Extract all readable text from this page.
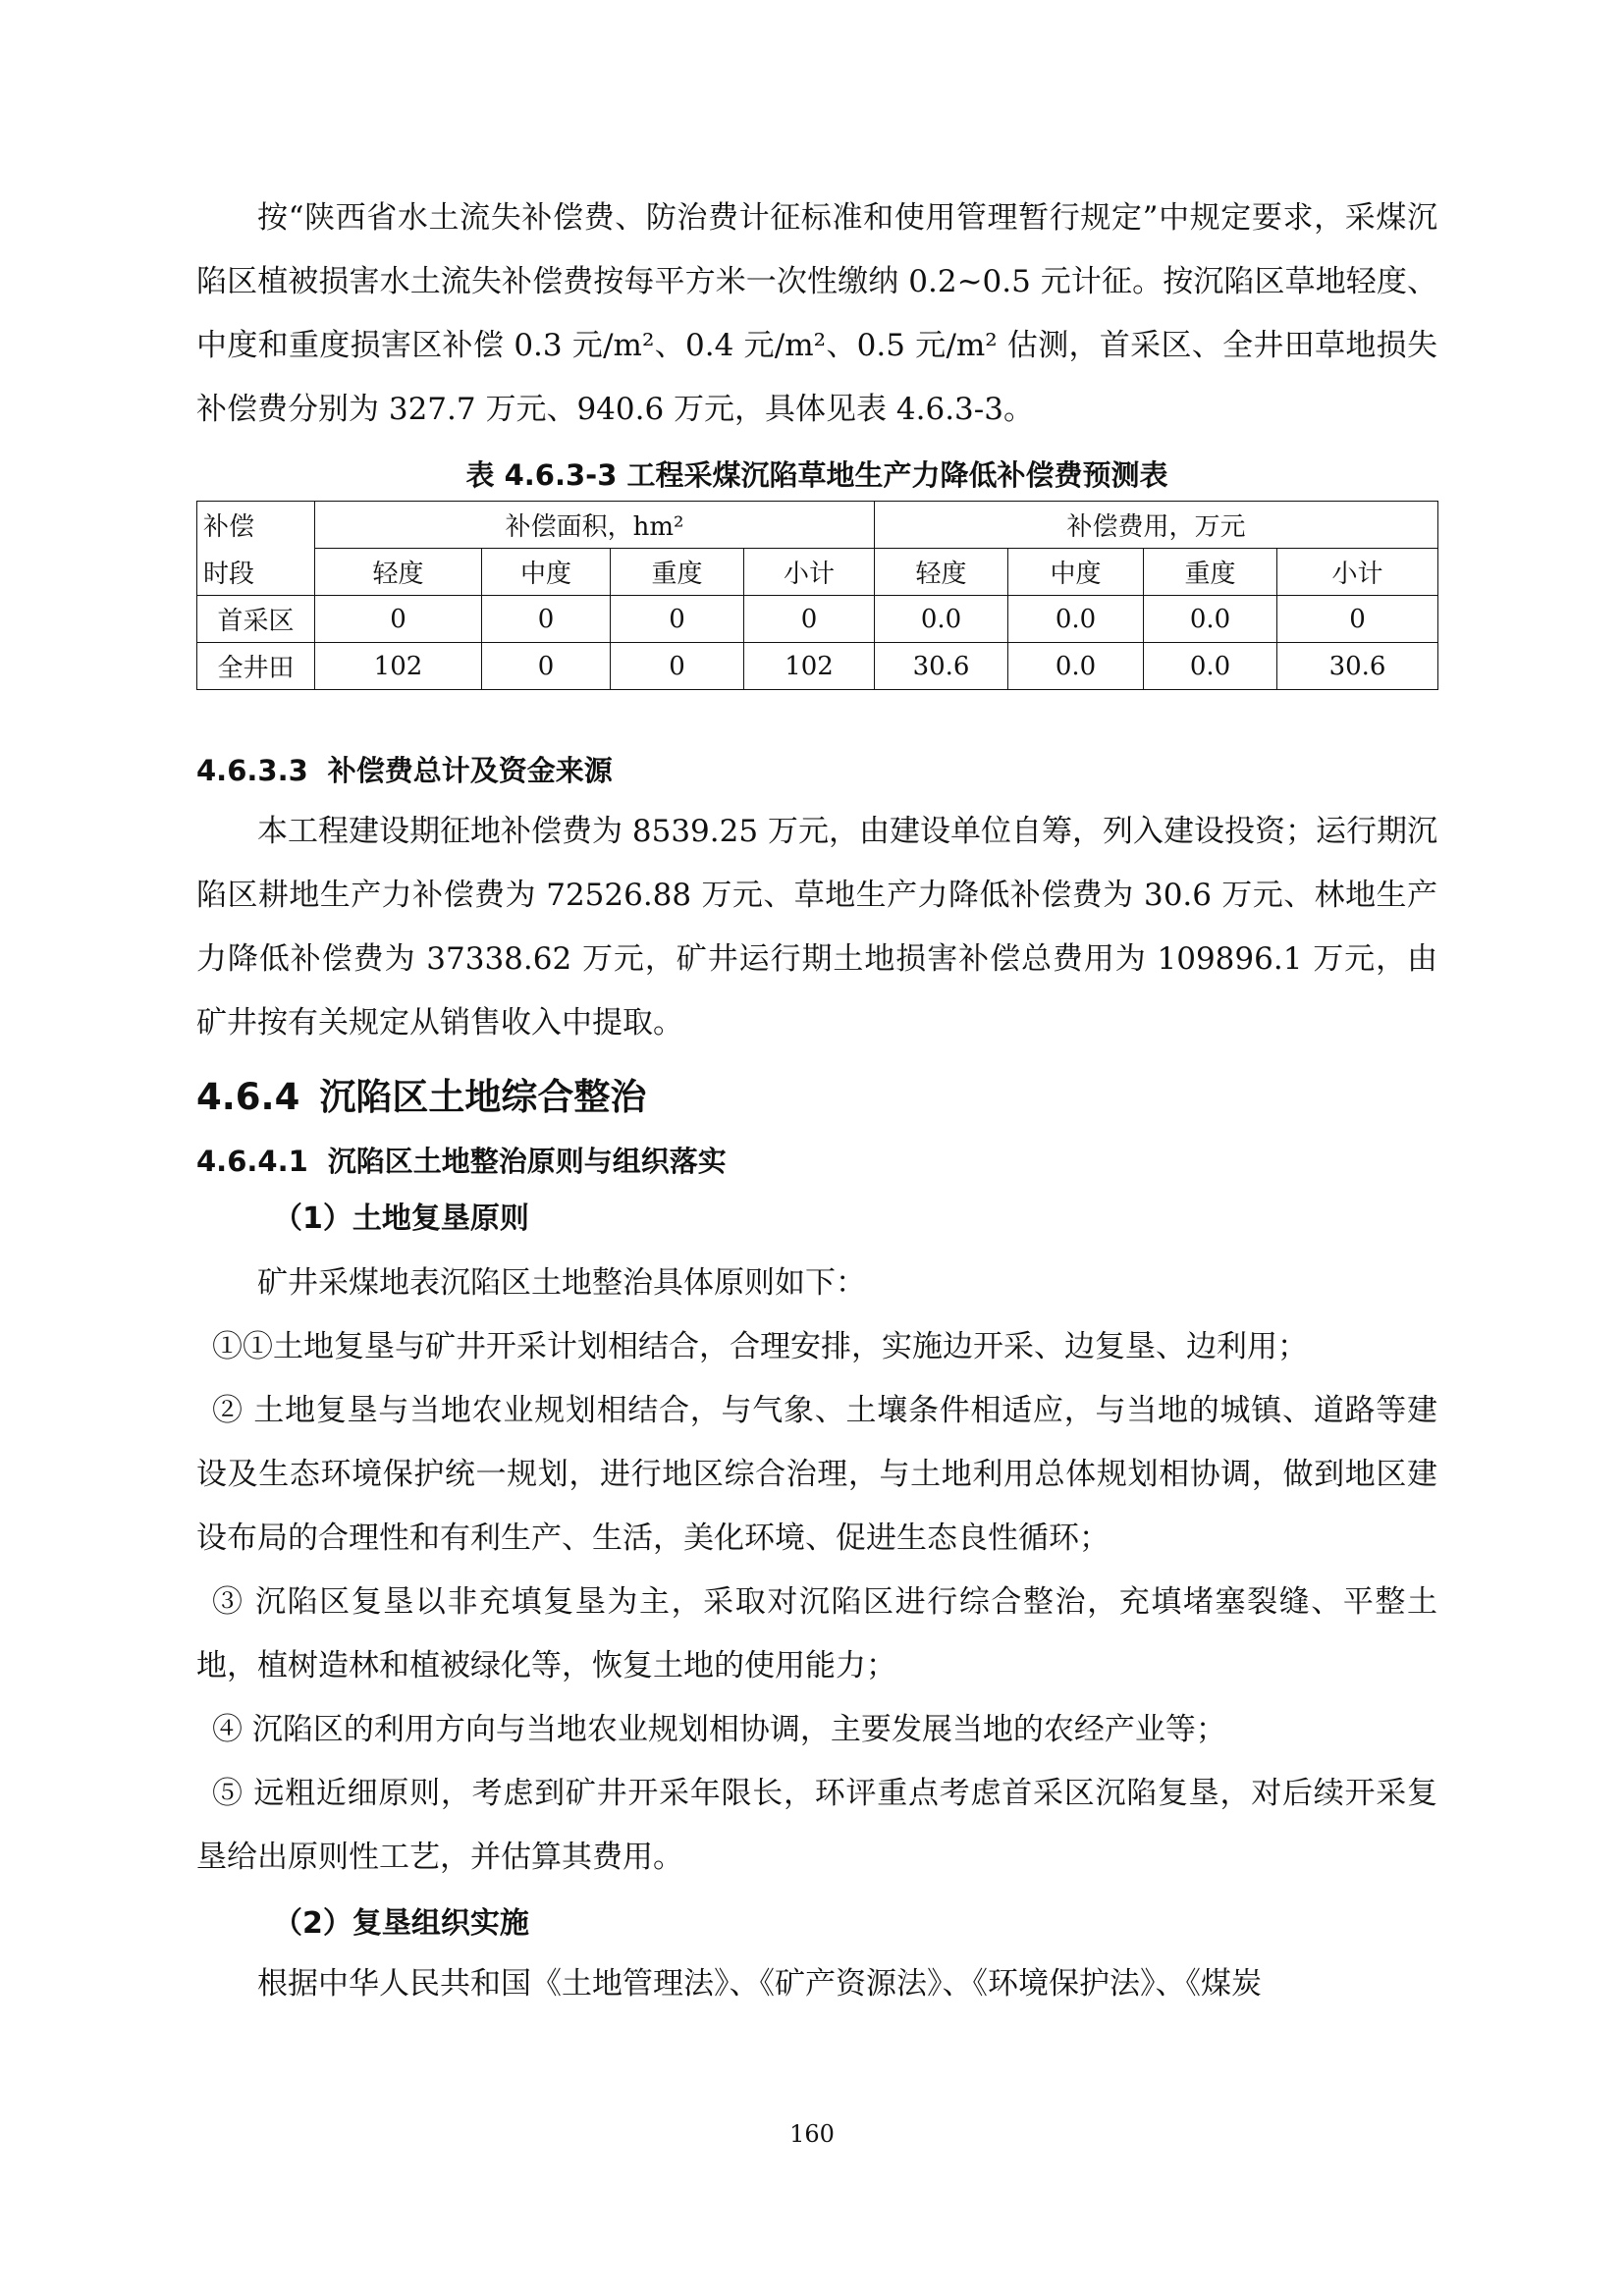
按“陕西省水土流失补偿费、防治费计征标准和使用管理暂行规定”中规定要求，采煤沉陷区植被损害水土流失补偿费按每平方米一次性缴纳 0.2~0.5 元计征。按沉陷区草地轻度、中度和重度损害区补偿 0.3 元/m²、0.4 元/m²、0.5 元/m² 估测，首采区、全井田草地损失补偿费分别为 327.7 万元、940.6 万元，具体见表 4.6.3-3。

表 4.6.3-3 工程采煤沉陷草地生产力降低补偿费预测表
补偿	补偿面积，hm²				补偿费用，万元			
时段	轻度	中度	重度	小计	轻度	中度	重度	小计
首采区	0	0	0	0	0.0	0.0	0.0	0
全井田	102	0	0	102	30.6	0.0	0.0	30.6

4.6.3.3 补偿费总计及资金来源

本工程建设期征地补偿费为 8539.25 万元，由建设单位自筹，列入建设投资；运行期沉陷区耕地生产力补偿费为 72526.88 万元、草地生产力降低补偿费为 30.6 万元、林地生产力降低补偿费为 37338.62 万元，矿井运行期土地损害补偿总费用为 109896.1 万元，由矿井按有关规定从销售收入中提取。

4.6.4 沉陷区土地综合整治

4.6.4.1 沉陷区土地整治原则与组织落实

（1）土地复垦原则

矿井采煤地表沉陷区土地整治具体原则如下：

①①土地复垦与矿井开采计划相结合，合理安排，实施边开采、边复垦、边利用；

② 土地复垦与当地农业规划相结合，与气象、土壤条件相适应，与当地的城镇、道路等建设及生态环境保护统一规划，进行地区综合治理，与土地利用总体规划相协调，做到地区建设布局的合理性和有利生产、生活，美化环境、促进生态良性循环；

③ 沉陷区复垦以非充填复垦为主，采取对沉陷区进行综合整治，充填堵塞裂缝、平整土地，植树造林和植被绿化等，恢复土地的使用能力；

④ 沉陷区的利用方向与当地农业规划相协调，主要发展当地的农经产业等；

⑤ 远粗近细原则，考虑到矿井开采年限长，环评重点考虑首采区沉陷复垦，对后续开采复垦给出原则性工艺，并估算其费用。

（2）复垦组织实施

根据中华人民共和国《土地管理法》、《矿产资源法》、《环境保护法》、《煤炭

160
